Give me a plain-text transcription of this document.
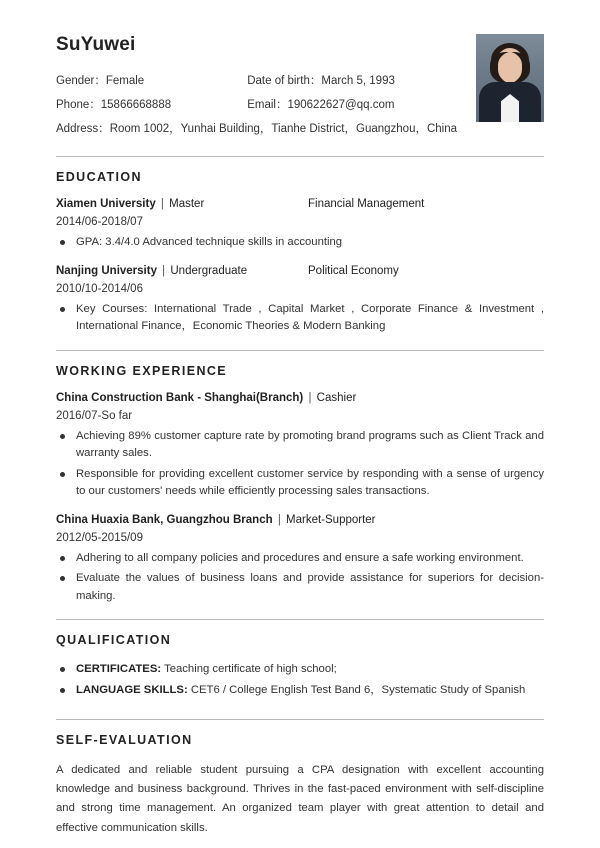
SuYuwei
Gender：Female	Date of birth：March 5, 1993
Phone：15866668888	Email：190622627@qq.com
Address：Room 1002，Yunhai Building，Tianhe District，Guangzhou，China
EDUCATION
Xiamen University | Master	Financial Management
2014/06-2018/07
GPA: 3.4/4.0 Advanced technique skills in accounting
Nanjing University | Undergraduate	Political Economy
2010/10-2014/06
Key Courses: International Trade , Capital Market , Corporate Finance & Investment , International Finance，Economic Theories & Modern Banking
WORKING EXPERIENCE
China Construction Bank - Shanghai(Branch) | Cashier
2016/07-So far
Achieving 89% customer capture rate by promoting brand programs such as Client Track and warranty sales.
Responsible for providing excellent customer service by responding with a sense of urgency to our customers' needs while efficiently processing sales transactions.
China Huaxia Bank, Guangzhou Branch | Market-Supporter
2012/05-2015/09
Adhering to all company policies and procedures and ensure a safe working environment.
Evaluate the values of business loans and provide assistance for superiors for decision-making.
QUALIFICATION
CERTIFICATES: Teaching certificate of high school;
LANGUAGE SKILLS: CET6 / College English Test Band 6，Systematic Study of Spanish
SELF-EVALUATION

A dedicated and reliable student pursuing a CPA designation with excellent accounting knowledge and business background. Thrives in the fast-paced environment with self-discipline and strong time management. An organized team player with great attention to detail and effective communication skills.
